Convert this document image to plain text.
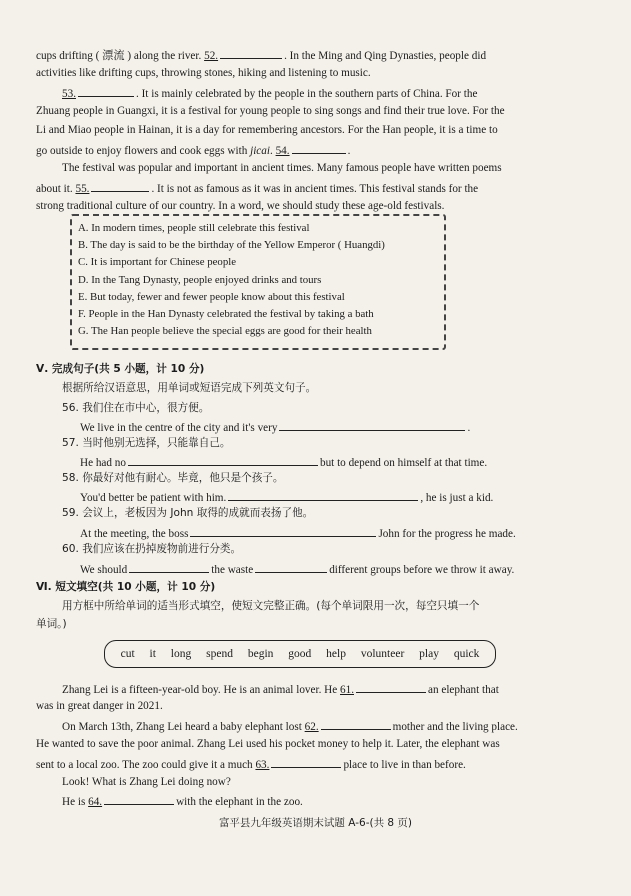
cups drifting ( 漂流 ) along the river. 52.	. In the Ming and Qing Dynasties, people did
activities like drifting cups, throwing stones, hiking and listening to music.
53.	. It is mainly celebrated by the people in the southern parts of China. For the
Zhuang people in Guangxi, it is a festival for young people to sing songs and find their true love. For the
Li and Miao people in Hainan, it is a day for remembering ancestors. For the Han people, it is a time to
go outside to enjoy flowers and cook eggs with jicai. 54.	.
The festival was popular and important in ancient times. Many famous people have written poems
about it. 55.	. It is not as famous as it was in ancient times. This festival stands for the
strong traditional culture of our country. In a word, we should study these age-old festivals.
A. In modern times, people still celebrate this festival
B. The day is said to be the birthday of the Yellow Emperor ( Huangdi)
C. It is important for Chinese people
D. In the Tang Dynasty, people enjoyed drinks and tours
E. But today, fewer and fewer people know about this festival
F. People in the Han Dynasty celebrated the festival by taking a bath
G. The Han people believe the special eggs are good for their health
Ⅴ. 完成句子(共 5 小题，计 10 分)
根据所给汉语意思，用单词或短语完成下列英文句子。
56. 我们住在市中心，很方便。
We live in the centre of the city and it's very	.
57. 当时他别无选择，只能靠自己。
He had no	but to depend on himself at that time.
58. 你最好对他有耐心。毕竟，他只是个孩子。
You'd better be patient with him.	, he is just a kid.
59. 会议上，老板因为 John 取得的成就而表扬了他。
At the meeting, the boss	John for the progress he made.
60. 我们应该在扔掉废物前进行分类。
We should	the waste	different groups before we throw it away.
Ⅵ. 短文填空(共 10 小题，计 10 分)
用方框中所给单词的适当形式填空，使短文完整正确。(每个单词限用一次，每空只填一个
单词。)
cut it long spend begin good help volunteer play quick
Zhang Lei is a fifteen-year-old boy. He is an animal lover. He 61.	an elephant that
was in great danger in 2021.
On March 13th, Zhang Lei heard a baby elephant lost 62.	mother and the living place.
He wanted to save the poor animal. Zhang Lei used his pocket money to help it. Later, the elephant was
sent to a local zoo. The zoo could give it a much 63.	place to live in than before.
Look! What is Zhang Lei doing now?
He is 64.	with the elephant in the zoo.
富平县九年级英语期末试题 A-6-(共 8 页)
